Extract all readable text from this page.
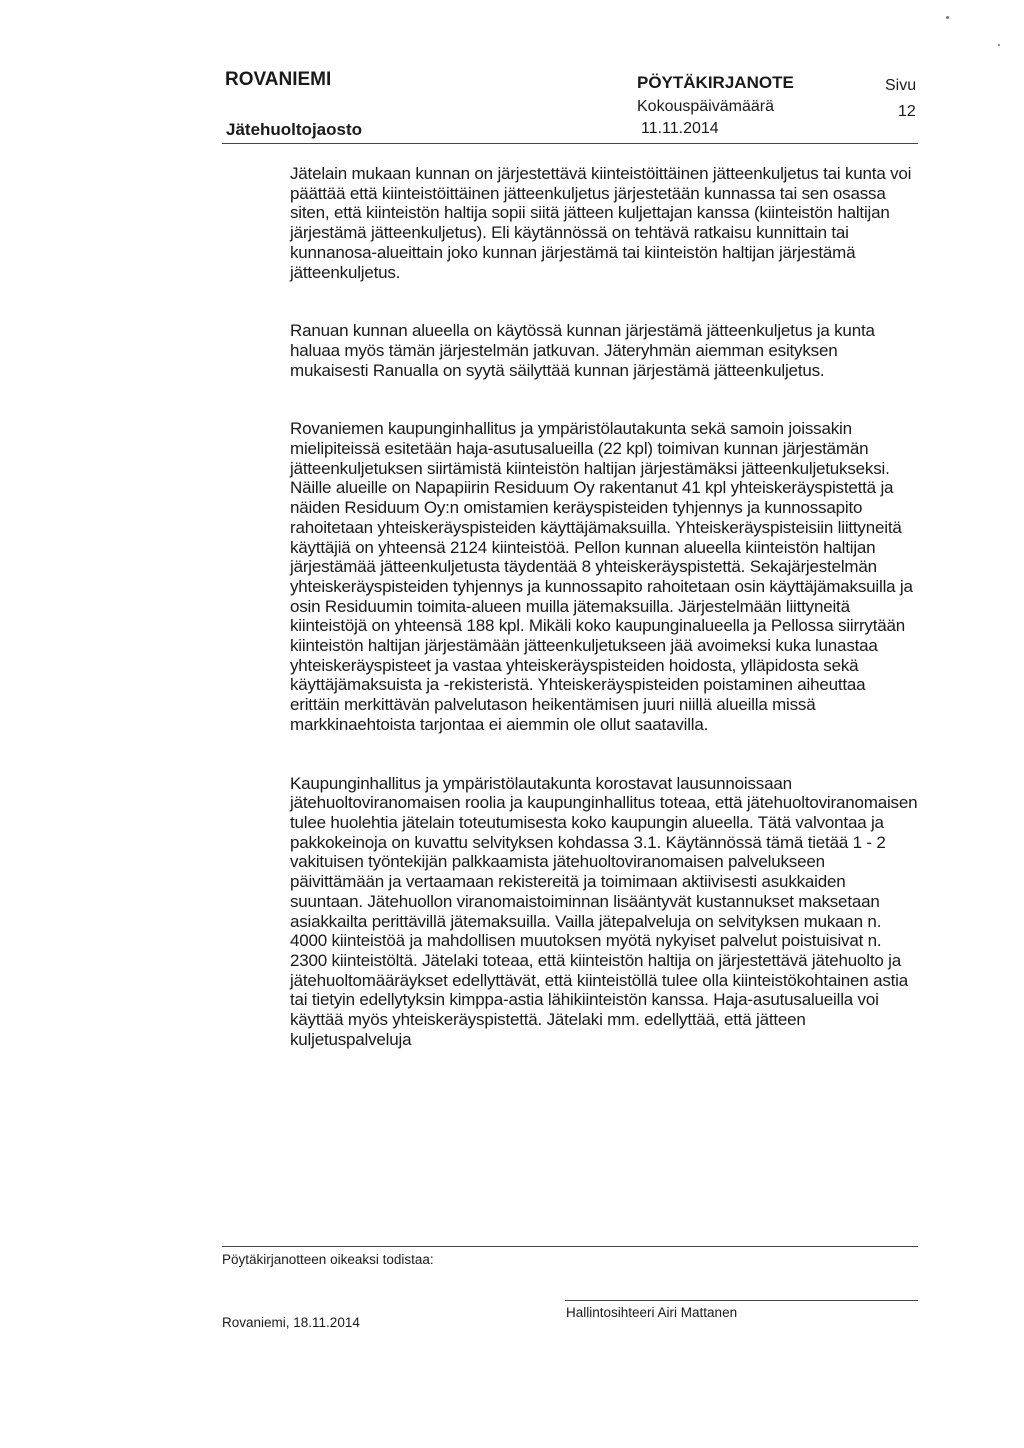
ROVANIEMI
Jätehuoltojaosto
PÖYTÄKIRJANOTE
Kokouspäivämäärä
11.11.2014
Sivu
12

Jätelain mukaan kunnan on järjestettävä kiinteistöittäinen jätteenkuljetus tai kunta voi päättää että kiinteistöittäinen jätteenkuljetus järjestetään kunnassa tai sen osassa siten, että kiinteistön haltija sopii siitä jätteen kuljettajan kanssa (kiinteistön haltijan järjestämä jätteenkuljetus). Eli käytännössä on tehtävä ratkaisu kunnittain tai kunnanosa-alueittain joko kunnan järjestämä tai kiinteistön haltijan järjestämä jätteenkuljetus.

Ranuan kunnan alueella on käytössä kunnan järjestämä jätteenkuljetus ja kunta haluaa myös tämän järjestelmän jatkuvan. Jäteryhmän aiemman esityksen mukaisesti Ranualla on syytä säilyttää kunnan järjestämä jätteenkuljetus.

Rovaniemen kaupunginhallitus ja ympäristölautakunta sekä samoin joissakin mielipiteissä esitetään haja-asutusalueilla (22 kpl) toimivan kunnan järjestämän jätteenkuljetuksen siirtämistä kiinteistön haltijan järjestämäksi jätteenkuljetukseksi. Näille alueille on Napapiirin Residuum Oy rakentanut 41 kpl yhteiskeräyspistettä ja näiden Residuum Oy:n omistamien keräyspisteiden tyhjennys ja kunnossapito rahoitetaan yhteiskeräyspisteiden käyttäjämaksuilla. Yhteiskeräyspisteisiin liittyneitä käyttäjiä on yhteensä 2124 kiinteistöä. Pellon kunnan alueella kiinteistön haltijan järjestämää jätteenkuljetusta täydentää 8 yhteiskeräyspistettä. Sekajärjestelmän yhteiskeräyspisteiden tyhjennys ja kunnossapito rahoitetaan osin käyttäjämaksuilla ja osin Residuumin toimita-alueen muilla jätemaksuilla. Järjestelmään liittyneitä kiinteistöjä on yhteensä 188 kpl. Mikäli koko kaupunginalueella ja Pellossa siirrytään kiinteistön haltijan järjestämään jätteenkuljetukseen jää avoimeksi kuka lunastaa yhteiskeräyspisteet ja vastaa yhteiskeräyspisteiden hoidosta, ylläpidosta sekä käyttäjämaksuista ja -rekisteristä. Yhteiskeräyspisteiden poistaminen aiheuttaa erittäin merkittävän palvelutason heikentämisen juuri niillä alueilla missä markkinaehtoista tarjontaa ei aiemmin ole ollut saatavilla.

Kaupunginhallitus ja ympäristölautakunta korostavat lausunnoissaan jätehuoltoviranomaisen roolia ja kaupunginhallitus toteaa, että jätehuoltoviranomaisen tulee huolehtia jätelain toteutumisesta koko kaupungin alueella. Tätä valvontaa ja pakkokeinoja on kuvattu selvityksen kohdassa 3.1. Käytännössä tämä tietää 1 - 2 vakituisen työntekijän palkkaamista jätehuoltoviranomaisen palvelukseen päivittämään ja vertaamaan rekistereitä ja toimimaan aktiivisesti asukkaiden suuntaan. Jätehuollon viranomaistoiminnan lisääntyvät kustannukset maksetaan asiakkailta perittävillä jätemaksuilla. Vailla jätepalveluja on selvityksen mukaan n. 4000 kiinteistöä ja mahdollisen muutoksen myötä nykyiset palvelut poistuisivat n. 2300 kiinteistöltä. Jätelaki toteaa, että kiinteistön haltija on järjestettävä jätehuolto ja jätehuoltomääräykset edellyttävät, että kiinteistöllä tulee olla kiinteistökohtainen astia tai tietyin edellytyksin kimppa-astia lähikiinteistön kanssa. Haja-asutusalueilla voi käyttää myös yhteiskeräyspistettä. Jätelaki mm. edellyttää, että jätteen kuljetuspalveluja

Pöytäkirjanotteen oikeaksi todistaa:
Rovaniemi, 18.11.2014
Hallintosihteeri Airi Mattanen
